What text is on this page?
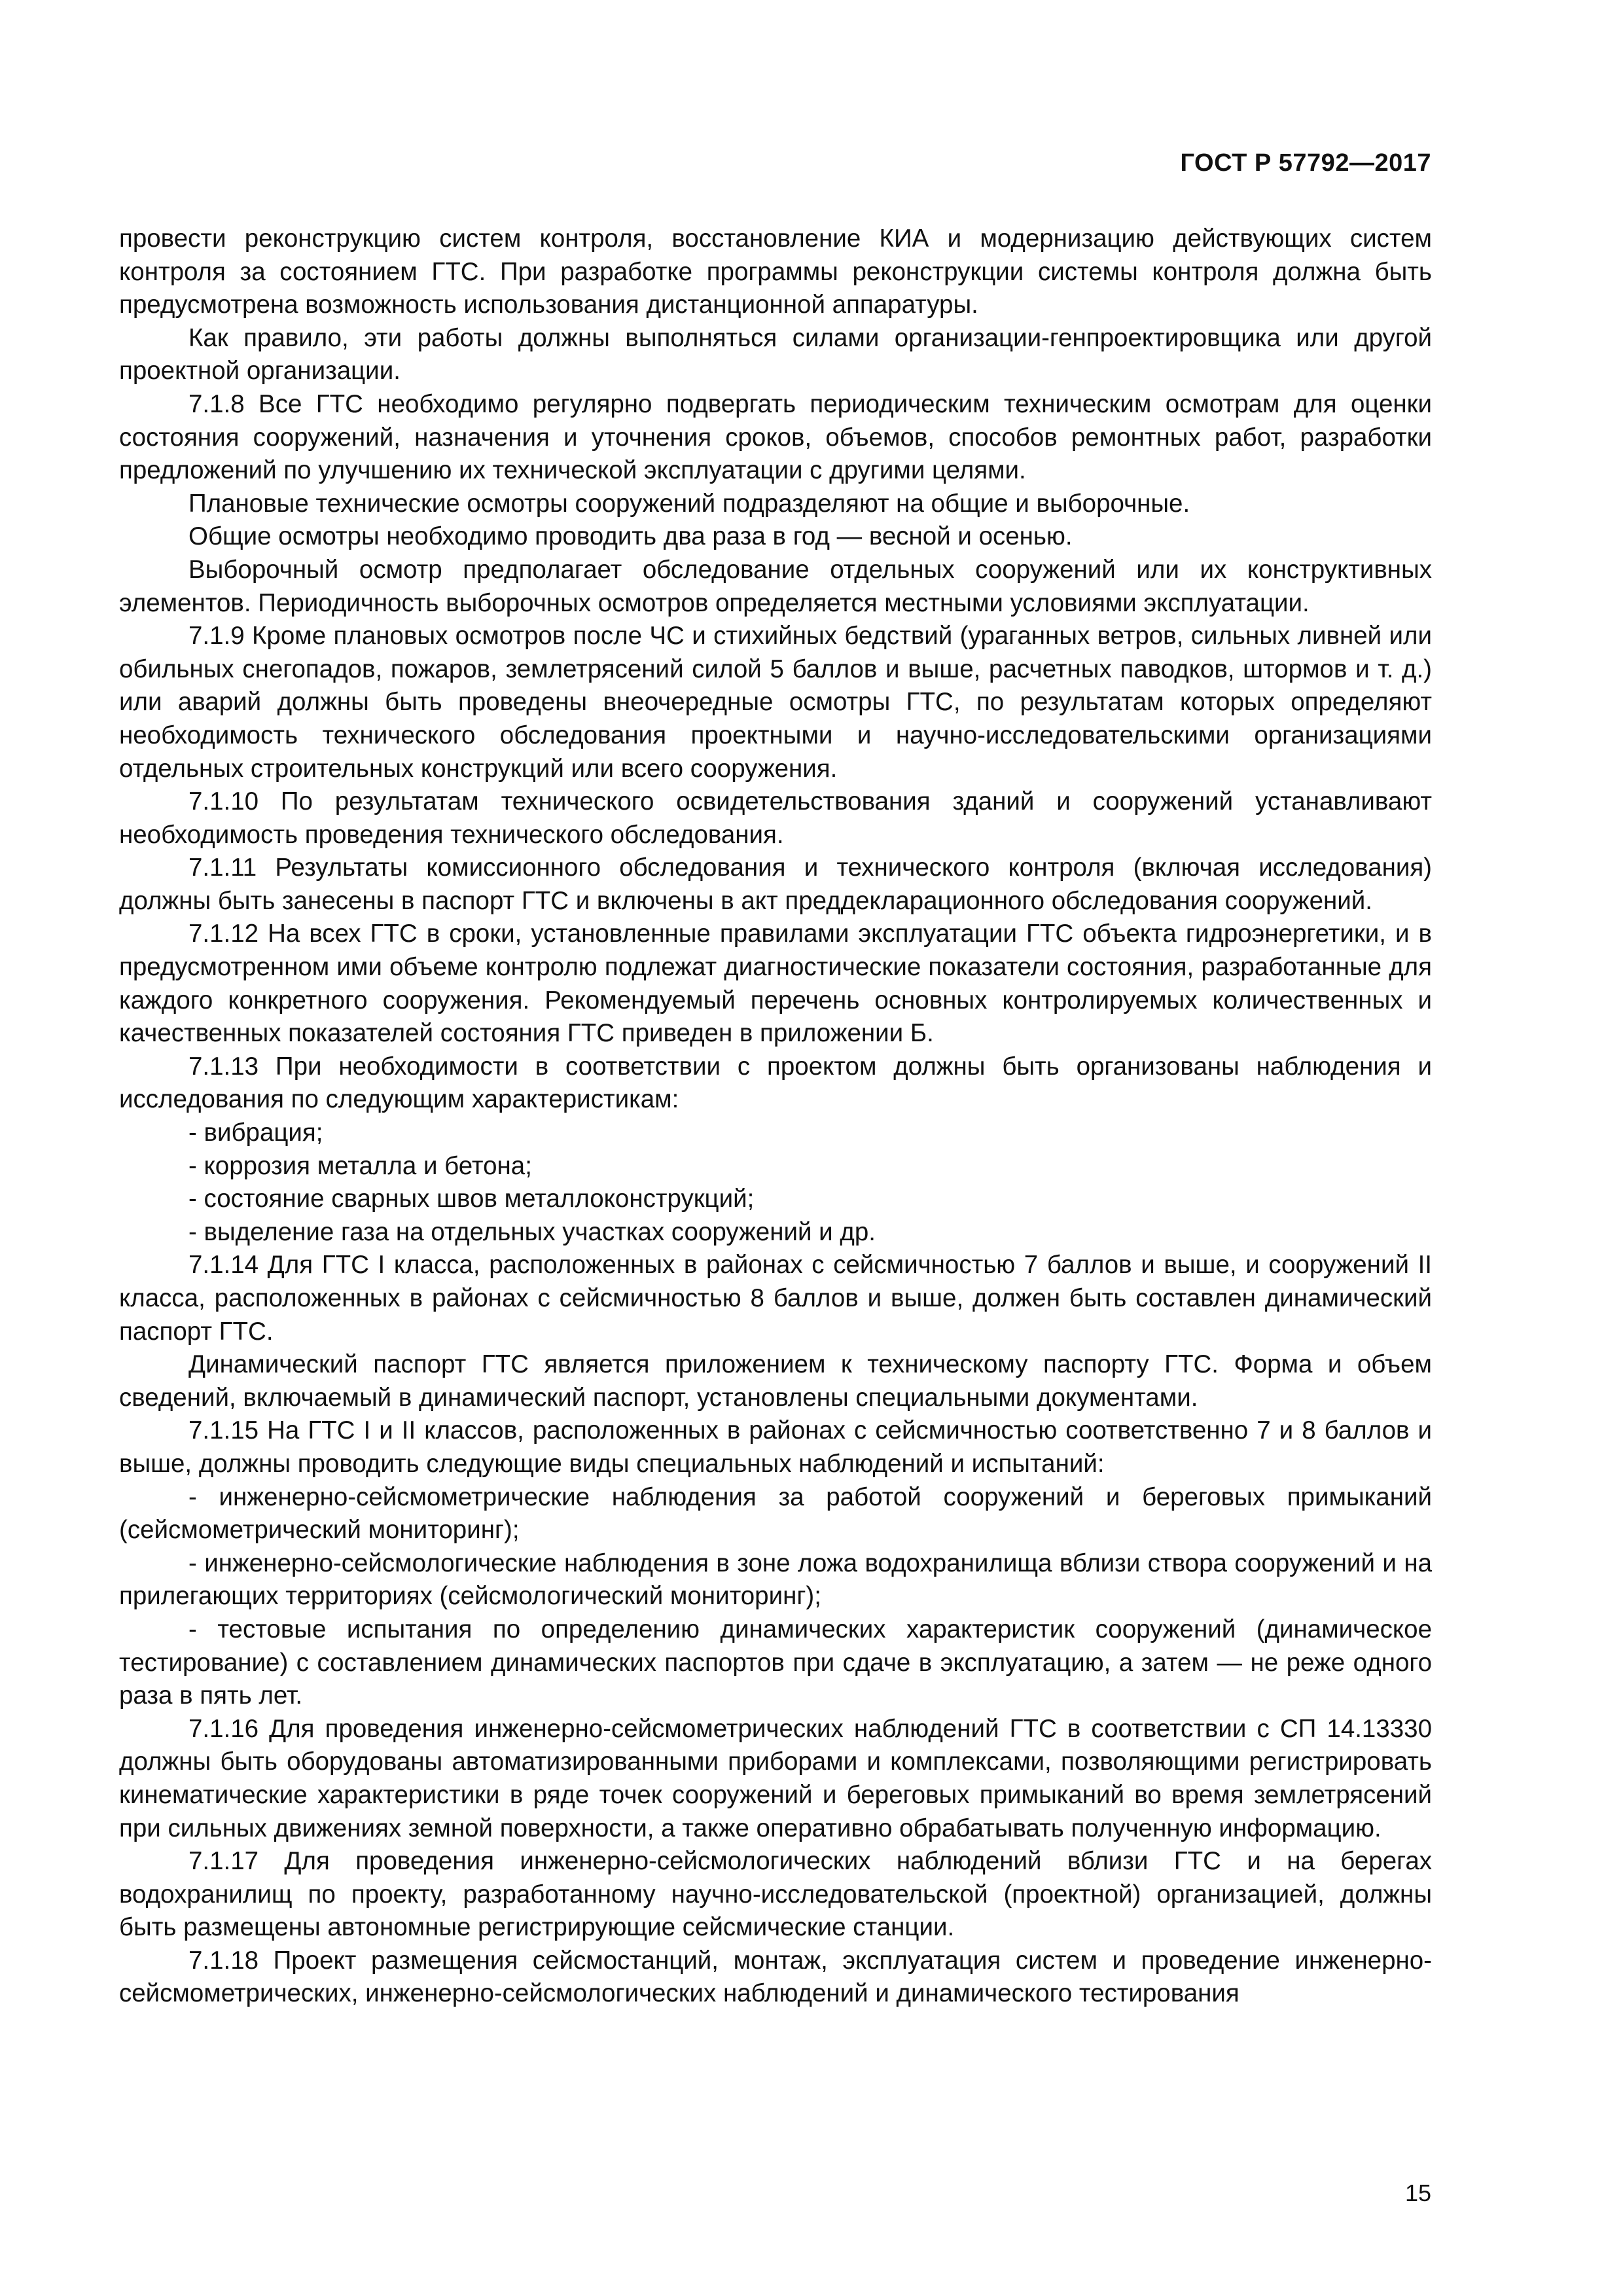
ГОСТ Р 57792—2017

провести реконструкцию систем контроля, восстановление КИА и модернизацию действующих систем контроля за состоянием ГТС. При разработке программы реконструкции системы контроля должна быть предусмотрена возможность использования дистанционной аппаратуры.

Как правило, эти работы должны выполняться силами организации-генпроектировщика или другой проектной организации.

7.1.8 Все ГТС необходимо регулярно подвергать периодическим техническим осмотрам для оценки состояния сооружений, назначения и уточнения сроков, объемов, способов ремонтных работ, разработки предложений по улучшению их технической эксплуатации с другими целями.

Плановые технические осмотры сооружений подразделяют на общие и выборочные.

Общие осмотры необходимо проводить два раза в год — весной и осенью.

Выборочный осмотр предполагает обследование отдельных сооружений или их конструктивных элементов. Периодичность выборочных осмотров определяется местными условиями эксплуатации.

7.1.9 Кроме плановых осмотров после ЧС и стихийных бедствий (ураганных ветров, сильных ливней или обильных снегопадов, пожаров, землетрясений силой 5 баллов и выше, расчетных паводков, штормов и т. д.) или аварий должны быть проведены внеочередные осмотры ГТС, по результатам которых определяют необходимость технического обследования проектными и научно-исследовательскими организациями отдельных строительных конструкций или всего сооружения.

7.1.10 По результатам технического освидетельствования зданий и сооружений устанавливают необходимость проведения технического обследования.

7.1.11 Результаты комиссионного обследования и технического контроля (включая исследования) должны быть занесены в паспорт ГТС и включены в акт преддекларационного обследования сооружений.

7.1.12 На всех ГТС в сроки, установленные правилами эксплуатации ГТС объекта гидроэнергетики, и в предусмотренном ими объеме контролю подлежат диагностические показатели состояния, разработанные для каждого конкретного сооружения. Рекомендуемый перечень основных контролируемых количественных и качественных показателей состояния ГТС приведен в приложении Б.

7.1.13 При необходимости в соответствии с проектом должны быть организованы наблюдения и исследования по следующим характеристикам:

- вибрация;

- коррозия металла и бетона;

- состояние сварных швов металлоконструкций;

- выделение газа на отдельных участках сооружений и др.

7.1.14 Для ГТС I класса, расположенных в районах с сейсмичностью 7 баллов и выше, и сооружений II класса, расположенных в районах с сейсмичностью 8 баллов и выше, должен быть составлен динамический паспорт ГТС.

Динамический паспорт ГТС является приложением к техническому паспорту ГТС. Форма и объем сведений, включаемый в динамический паспорт, установлены специальными документами.

7.1.15 На ГТС I и II классов, расположенных в районах с сейсмичностью соответственно 7 и 8 баллов и выше, должны проводить следующие виды специальных наблюдений и испытаний:

- инженерно-сейсмометрические наблюдения за работой сооружений и береговых примыканий (сейсмометрический мониторинг);

- инженерно-сейсмологические наблюдения в зоне ложа водохранилища вблизи створа сооружений и на прилегающих территориях (сейсмологический мониторинг);

- тестовые испытания по определению динамических характеристик сооружений (динамическое тестирование) с составлением динамических паспортов при сдаче в эксплуатацию, а затем — не реже одного раза в пять лет.

7.1.16 Для проведения инженерно-сейсмометрических наблюдений ГТС в соответствии с СП 14.13330 должны быть оборудованы автоматизированными приборами и комплексами, позволяющими регистрировать кинематические характеристики в ряде точек сооружений и береговых примыканий во время землетрясений при сильных движениях земной поверхности, а также оперативно обрабатывать полученную информацию.

7.1.17 Для проведения инженерно-сейсмологических наблюдений вблизи ГТС и на берегах водохранилищ по проекту, разработанному научно-исследовательской (проектной) организацией, должны быть размещены автономные регистрирующие сейсмические станции.

7.1.18 Проект размещения сейсмостанций, монтаж, эксплуатация систем и проведение инженерно-сейсмометрических, инженерно-сейсмологических наблюдений и динамического тестирования

15
